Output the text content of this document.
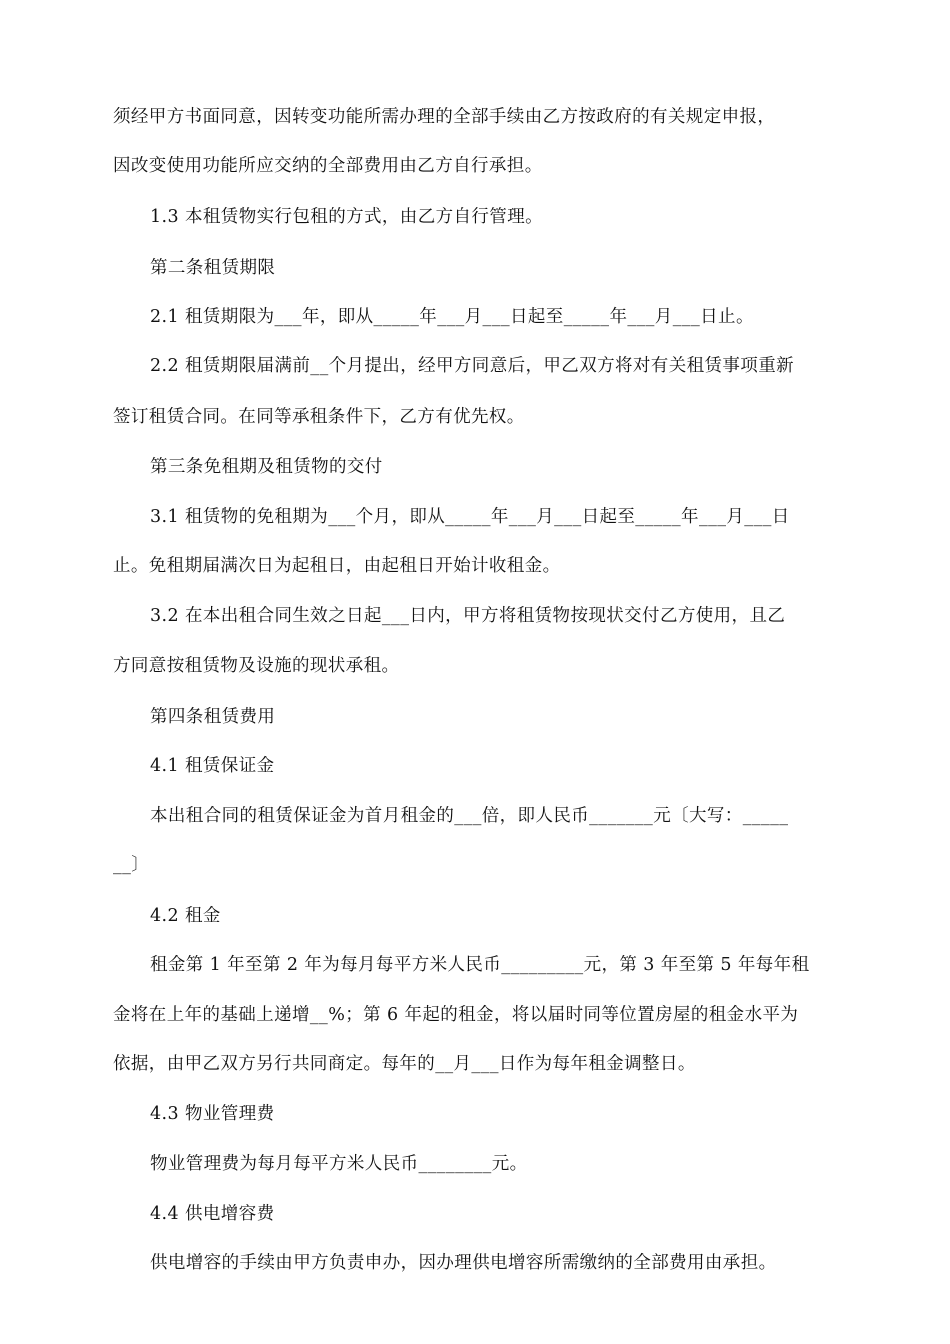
须经甲方书面同意，因转变功能所需办理的全部手续由乙方按政府的有关规定申报，
因改变使用功能所应交纳的全部费用由乙方自行承担。
1.3 本租赁物实行包租的方式，由乙方自行管理。
第二条租赁期限
2.1 租赁期限为___年，即从_____年___月___日起至_____年___月___日止。
2.2 租赁期限届满前__个月提出，经甲方同意后，甲乙双方将对有关租赁事项重新
签订租赁合同。在同等承租条件下，乙方有优先权。
第三条免租期及租赁物的交付
3.1 租赁物的免租期为___个月，即从_____年___月___日起至_____年___月___日
止。免租期届满次日为起租日，由起租日开始计收租金。
3.2 在本出租合同生效之日起___日内，甲方将租赁物按现状交付乙方使用，且乙
方同意按租赁物及设施的现状承租。
第四条租赁费用
4.1 租赁保证金
本出租合同的租赁保证金为首月租金的___倍，即人民币_______元〔大写：_____
__〕
4.2 租金
租金第 1 年至第 2 年为每月每平方米人民币_________元，第 3 年至第 5 年每年租
金将在上年的基础上递增__%；第 6 年起的租金，将以届时同等位置房屋的租金水平为
依据，由甲乙双方另行共同商定。每年的__月___日作为每年租金调整日。
4.3 物业管理费
物业管理费为每月每平方米人民币________元。
4.4 供电增容费
供电增容的手续由甲方负责申办，因办理供电增容所需缴纳的全部费用由承担。
